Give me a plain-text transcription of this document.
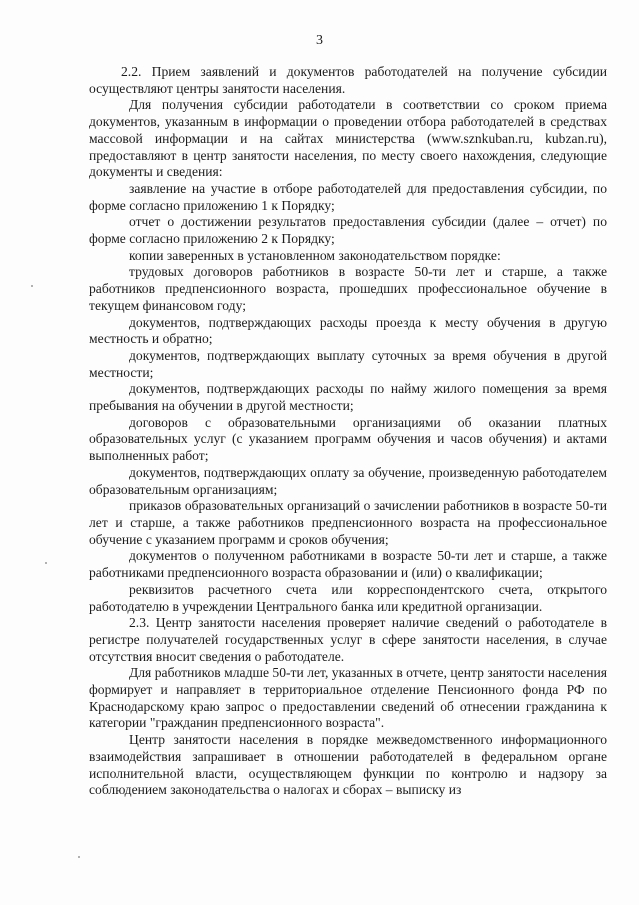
3

2.2. Прием заявлений и документов работодателей на получение субсидии осуществляют центры занятости населения.

Для получения субсидии работодатели в соответствии со сроком приема документов, указанным в информации о проведении отбора работодателей в средствах массовой информации и на сайтах министерства (www.sznkuban.ru, kubzan.ru), предоставляют в центр занятости населения, по месту своего нахождения, следующие документы и сведения:

заявление на участие в отборе работодателей для предоставления субсидии, по форме согласно приложению 1 к Порядку;

отчет о достижении результатов предоставления субсидии (далее – отчет) по форме согласно приложению 2 к Порядку;

копии заверенных в установленном законодательством порядке:

трудовых договоров работников в возрасте 50-ти лет и старше, а также работников предпенсионного возраста, прошедших профессиональное обучение в текущем финансовом году;

документов, подтверждающих расходы проезда к месту обучения в другую местность и обратно;

документов, подтверждающих выплату суточных за время обучения в другой местности;

документов, подтверждающих расходы по найму жилого помещения за время пребывания на обучении в другой местности;

договоров с образовательными организациями об оказании платных образовательных услуг (с указанием программ обучения и часов обучения) и актами выполненных работ;

документов, подтверждающих оплату за обучение, произведенную работодателем образовательным организациям;

приказов образовательных организаций о зачислении работников в возрасте 50-ти лет и старше, а также работников предпенсионного возраста на профессиональное обучение с указанием программ и сроков обучения;

документов о полученном работниками в возрасте 50-ти лет и старше, а также работниками предпенсионного возраста образовании и (или) о квалификации;

реквизитов расчетного счета или корреспондентского счета, открытого работодателю в учреждении Центрального банка или кредитной организации.

2.3. Центр занятости населения проверяет наличие сведений о работодателе в регистре получателей государственных услуг в сфере занятости населения, в случае отсутствия вносит сведения о работодателе.

Для работников младше 50-ти лет, указанных в отчете, центр занятости населения формирует и направляет в территориальное отделение Пенсионного фонда РФ по Краснодарскому краю запрос о предоставлении сведений об отнесении гражданина к категории "гражданин предпенсионного возраста".

Центр занятости населения в порядке межведомственного информационного взаимодействия запрашивает в отношении работодателей в федеральном органе исполнительной власти, осуществляющем функции по контролю и надзору за соблюдением законодательства о налогах и сборах – выписку из
